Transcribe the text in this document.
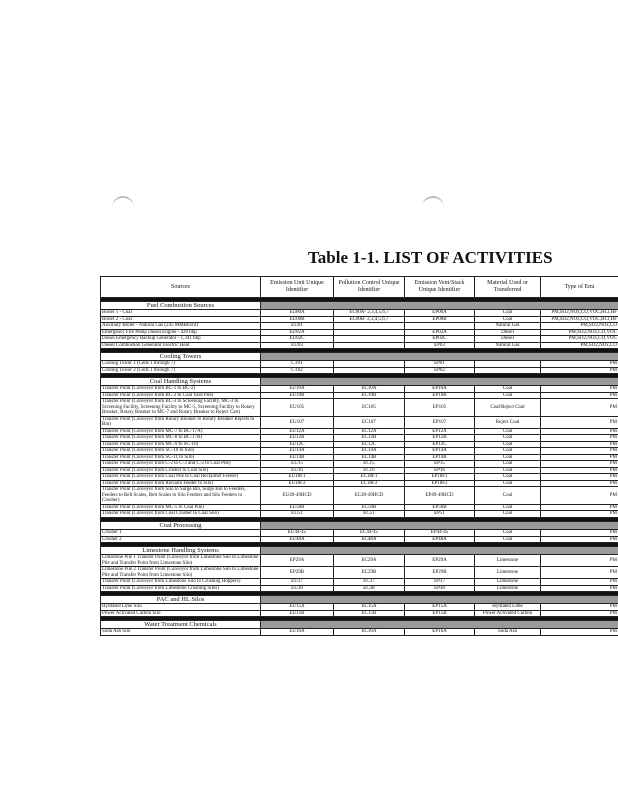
Table 1-1. LIST OF ACTIVITIES
Sources	Emission Unit Unique Identifier	Pollution Control Unique Identifier	Emission Vent/Stack Unique Identifier	Material Used or Transferred	Type of Emi

Fuel Combustion Sources					
Boiler 1 - Coal	EU00A	EC00A- 2,3,4,5,6,7	EP00A	Coal	PM,SO2,NOx,CO,VOC,HCl,HF
Boiler 2 - Coal	EU00B	EC00B- 2,3,4,5,6,7	EP00B	Coal	PM,SO2,NOx,CO,VOC,HCl,HF
Auxiliary Boiler - Natural Gas (245 MMBtu/hr)	EU01			Natural Gas	PM,SO2,NOx,CO
Emergency Fire Pump Diesel Engine - 420 bhp	EU02A		EP02A	Diesel	PM,SO2,NOx,CO,VOC
Diesel Emergency Backup Generator - 1,341 bhp	EU02C		EP02C	Diesel	PM,SO2,NOx,CO,VOC
Diesel Combustion Generator Electric Heat	EU03		EP03	Natural Gas	PM,SO2,NOx,CO

Cooling Towers					
Cooling Tower 1 (Cells 1 through 7)	CT01		EP01		PM
Cooling Tower 2 (Cells 1 through 7)	CT02		EP02		PM

Coal Handling Systems					
Transfer Point (Conveyor from BC-1 to BC-2)	EU10A	EC10A	EP10A	Coal	PM
Transfer Point (Conveyor from BC-2 to Coal Yard Pile)	EU10B	EC10B	EP10B	Coal	PM
Transfer Point (Conveyor from BC-3 to Screening Facility, MC-3 to Screening Facility, Screening Facility to MC-5, Screening Facility to Rotary Breaker, Rotary Breaker to MC-7 and Rotary Breaker to Reject Cart)	EU105	EC105	EP105	Coal/Reject Coal	PM
Transfer Point (Conveyor from Rotary Breaker to Rotary Breaker Rejects to Bin)	EU107	EC107	EP107	Reject Coal	PM
Transfer Point (Conveyor from MC-7 to BC-17A)	EU12A	EC12A	EP12A	Coal	PM
Transfer Point (Conveyor from MC-8 to BC-17B)	EU12B	EC12B	EP12B	Coal	PM
Transfer Point (Conveyor from MC-9 to SC-10)	EU12C	EC12C	EP12C	Coal	PM
Transfer Point (Conveyor from SC-10 to Silo)	EU14A	EC14A	EP14A	Coal	PM
Transfer Point (Conveyor from SC-11 to Silo)	EU14B	EC14B	EP14B	Coal	PM
Transfer Point (Conveyor from C-2 to C-3 and C-2 to Coal Pile)	EU15	EC15	EP15	Coal	PM
Transfer Point (Conveyor from Crusher to Coal Silo)	EU16	EC16	EP16	Coal	PM
Transfer Point (Conveyor from Coal Pile to Coal Reclaimer Feeder)	EU18F1	EC18F1	EP18F1	Coal	PM
Transfer Point (Conveyor from Reclaim Feeder to Silo)	EU18F2	EC18F2	EP18F2	Coal	PM
Transfer Point (Conveyor from Silo to Surge Bin, Surge Bin to Feeders, Feeders to Belt Scales, Belt Scales to Silo Feeders and Silo Feeders to Crusher)	EU49-49HCD	EC49-49HCD	EP49-49HCD	Coal	PM
Transfer Point (Conveyor from MC-5 to Coal Pile)	EU50B	EC50B	EP50B	Coal	PM
Transfer Point (Conveyor from Coal Crusher to Coal Silo)	EU51	EC51	EP51	Coal	PM

Coal Processing					
Crusher 1	EU44-45	EC44-45	EP44-45	Coal	PM
Crusher 2	EU48A	EC48A	EP48A	Coal	PM

Limestone Handling Systems					
Limestone Pile 1 Transfer Point (Conveyor from Limestone Silo to Limestone Pile and Transfer Point from Limestone Silo)	EP29A	EC29A	EP29A	Limestone	PM
Limestone Pile 2 Transfer Point (Conveyor from Limestone Silo to Limestone Pile and Transfer Point from Limestone Silo)	EP29B	EC29B	EP29B	Limestone	PM
Transfer Point (Conveyor from Limestone Silo to Crushing Hoppers)	EU37	EC37	EP37	Limestone	PM
Transfer Point (Conveyor from Limestone Crushing Silos)	EU38	EC38	EP38	Limestone	PM

PAC and HL Silos					
Hydrated Lime Silo	EU15A	EC15A	EP15A	Hydrated Lime	PM
Power Activated Carbon Silo	EU15B	EC15B	EP15B	Power Activated Carbon	PM

Water Treatment Chemicals					
Soda Ash Silo	EU16A	EC16A	EP16A	Soda Ash	PM
